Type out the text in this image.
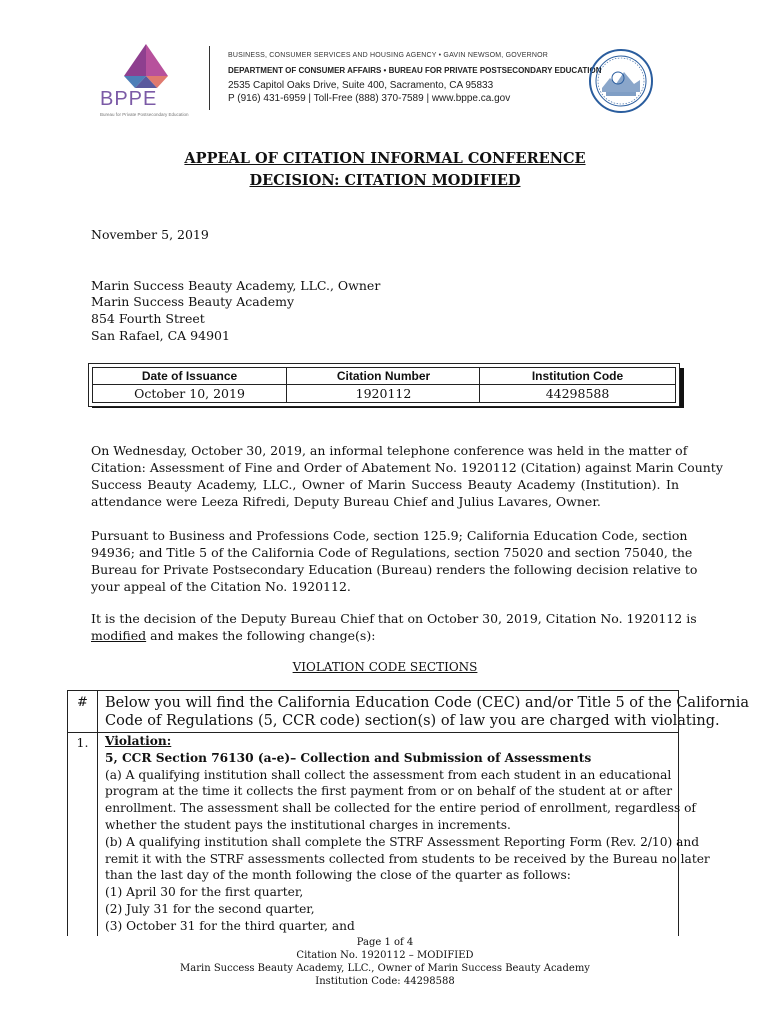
BPPE
Bureau for Private Postsecondary Education
BUSINESS, CONSUMER SERVICES AND HOUSING AGENCY • GAVIN NEWSOM, GOVERNOR
DEPARTMENT OF CONSUMER AFFAIRS • BUREAU FOR PRIVATE POSTSECONDARY EDUCATION
2535 Capitol Oaks Drive, Suite 400, Sacramento, CA 95833
P (916) 431-6959 | Toll-Free (888) 370-7589 | www.bppe.ca.gov
APPEAL OF CITATION INFORMAL CONFERENCE
DECISION: CITATION MODIFIED
November 5, 2019
Marin Success Beauty Academy, LLC., Owner
Marin Success Beauty Academy
854 Fourth Street
San Rafael, CA 94901
Date of Issuance
October 10, 2019
Citation Number
1920112
Institution Code
44298588
On Wednesday, October 30, 2019, an informal telephone conference was held in the matter of
Citation: Assessment of Fine and Order of Abatement No. 1920112 (Citation) against Marin County
Success Beauty Academy, LLC., Owner of Marin Success Beauty Academy (Institution). In
attendance were Leeza Rifredi, Deputy Bureau Chief and Julius Lavares, Owner.
Pursuant to Business and Professions Code, section 125.9; California Education Code, section
94936; and Title 5 of the California Code of Regulations, section 75020 and section 75040, the
Bureau for Private Postsecondary Education (Bureau) renders the following decision relative to
your appeal of the Citation No. 1920112.
It is the decision of the Deputy Bureau Chief that on October 30, 2019, Citation No. 1920112 is
modified and makes the following change(s):
VIOLATION CODE SECTIONS
#	Below you will find the California Education Code (CEC) and/or Title 5 of the California
Code of Regulations (5, CCR code) section(s) of law you are charged with violating.
1.	Violation:
5, CCR Section 76130 (a-e)– Collection and Submission of Assessments
(a) A qualifying institution shall collect the assessment from each student in an educational
program at the time it collects the first payment from or on behalf of the student at or after
enrollment. The assessment shall be collected for the entire period of enrollment, regardless of
whether the student pays the institutional charges in increments.
(b) A qualifying institution shall complete the STRF Assessment Reporting Form (Rev. 2/10) and
remit it with the STRF assessments collected from students to be received by the Bureau no later
than the last day of the month following the close of the quarter as follows:
(1) April 30 for the first quarter,
(2) July 31 for the second quarter,
(3) October 31 for the third quarter, and
Page 1 of 4
Citation No. 1920112 – MODIFIED
Marin Success Beauty Academy, LLC., Owner of Marin Success Beauty Academy
Institution Code: 44298588
